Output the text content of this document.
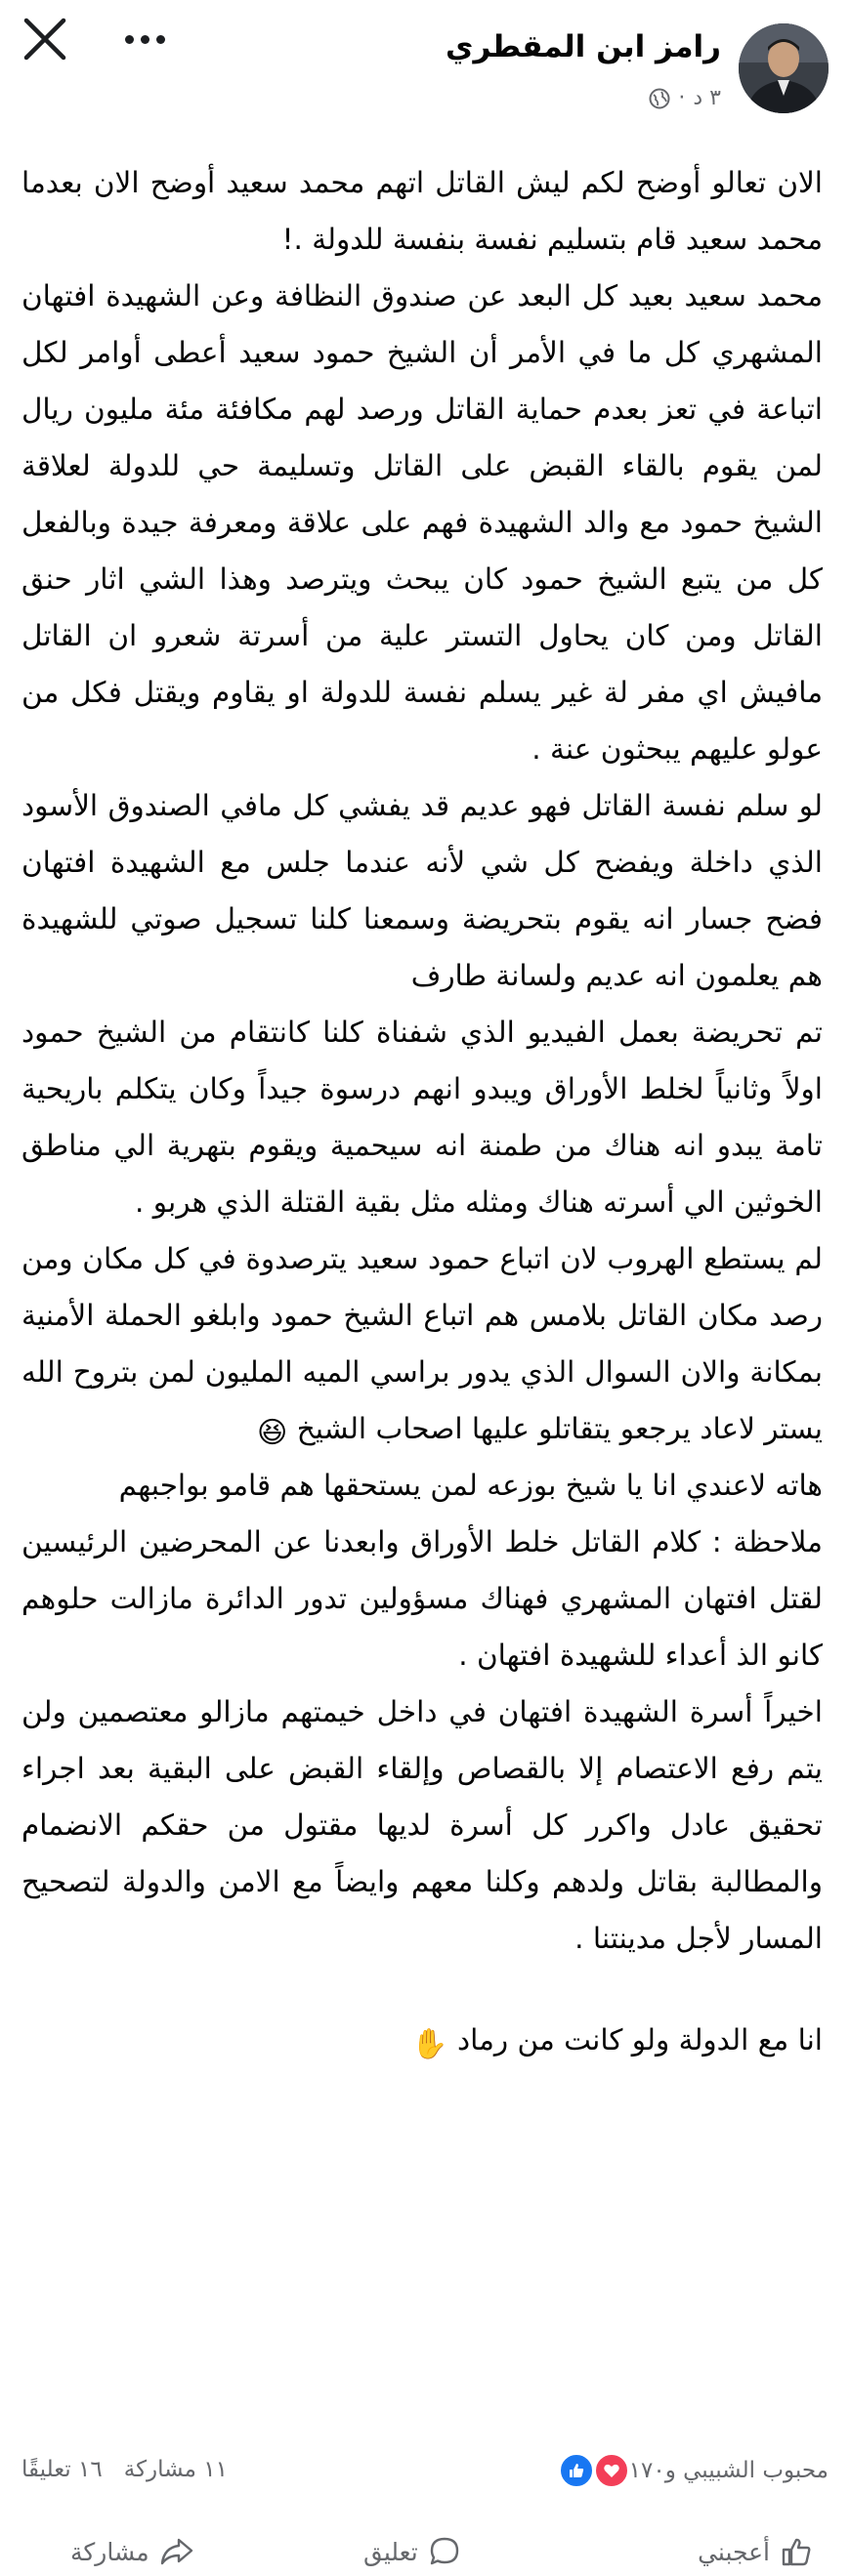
رامز ابن المقطري
٣ د
·

الان تعالو أوضح لكم ليش القاتل اتهم محمد سعيد أوضح الان بعدما محمد سعيد قام بتسليم نفسة بنفسة للدولة .!

محمد سعيد بعيد كل البعد عن صندوق النظافة وعن الشهيدة افتهان المشهري كل ما في الأمر أن الشيخ حمود سعيد أعطى أوامر لكل اتباعة في تعز بعدم حماية القاتل ورصد لهم مكافئة مئة مليون ريال لمن يقوم بالقاء القبض على القاتل وتسليمة حي للدولة لعلاقة الشيخ حمود مع والد الشهيدة فهم على علاقة ومعرفة جيدة وبالفعل كل من يتبع الشيخ حمود كان يبحث ويترصد وهذا الشي اثار حنق القاتل ومن كان يحاول التستر علية من أسرتة شعرو ان القاتل مافيش اي مفر لة غير يسلم نفسة للدولة او يقاوم ويقتل فكل من عولو عليهم يبحثون عنة .

لو سلم نفسة القاتل فهو عديم قد يفشي كل مافي الصندوق الأسود الذي داخلة ويفضح كل شي لأنه عندما جلس مع الشهيدة افتهان فضح جسار انه يقوم بتحريضة وسمعنا كلنا تسجيل صوتي للشهيدة هم يعلمون انه عديم ولسانة طارف

تم تحريضة بعمل الفيديو الذي شفناة كلنا كانتقام من الشيخ حمود اولاً وثانياً لخلط الأوراق ويبدو انهم درسوة جيداً وكان يتكلم باريحية تامة يبدو انه هناك من طمنة انه سيحمية ويقوم بتهرية الي مناطق الخوثين الي أسرته هناك ومثله مثل بقية القتلة الذي هربو .

لم يستطع الهروب لان اتباع حمود سعيد يترصدوة في كل مكان ومن رصد مكان القاتل بلامس هم اتباع الشيخ حمود وابلغو الحملة الأمنية بمكانة والان السوال الذي يدور براسي الميه المليون لمن بتروح الله يستر لاعاد يرجعو يتقاتلو عليها اصحاب الشيخ 😆

هاته لاعندي انا يا شيخ بوزعه لمن يستحقها هم قامو بواجبهم

ملاحظة : كلام القاتل خلط الأوراق وابعدنا عن المحرضين الرئيسين لقتل افتهان المشهري فهناك مسؤولين تدور الدائرة مازالت حلوهم كانو الذ أعداء للشهيدة افتهان .

اخيراً أسرة الشهيدة افتهان في داخل خيمتهم مازالو معتصمين ولن يتم رفع الاعتصام إلا بالقصاص وإلقاء القبض على البقية بعد اجراء تحقيق عادل واكرر كل أسرة لديها مقتول من حقكم الانضمام والمطالبة بقاتل ولدهم وكلنا معهم وايضاً مع الامن والدولة لتصحيح المسار لأجل مدينتنا .

انا مع الدولة ولو كانت من رماد ✋

محبوب الشبيبي و١٧٠
١١ مشاركة
١٦ تعليقًا
أعجبني
تعليق
مشاركة
